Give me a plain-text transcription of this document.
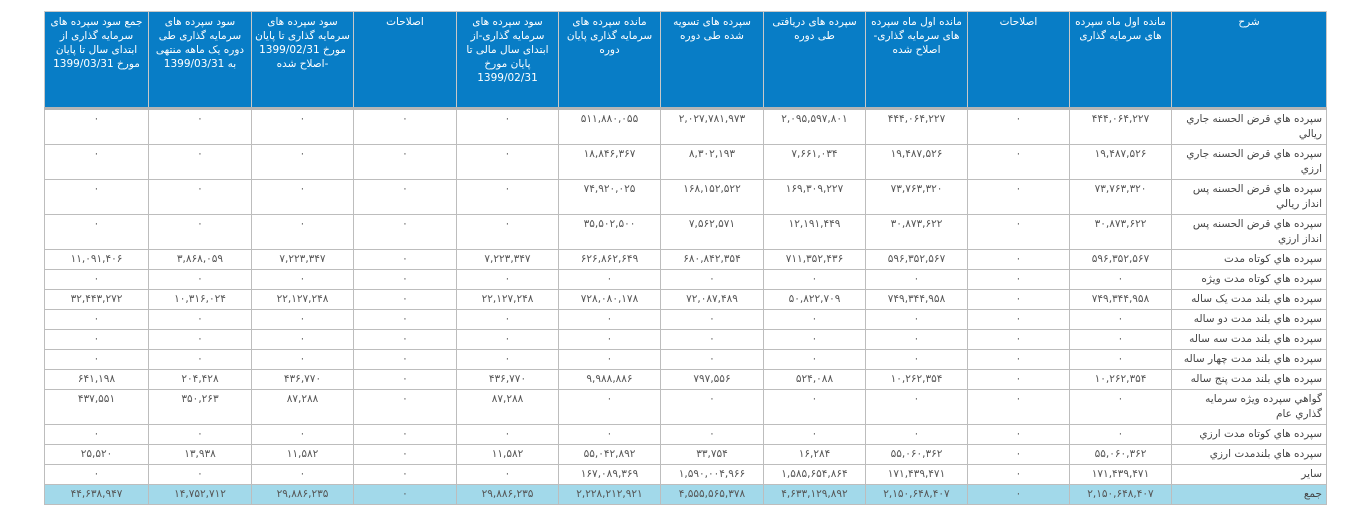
شرح	مانده اول ماه سپرده های سرمایه گذاری	اصلاحات	مانده اول ماه سپرده های سرمایه گذاری-اصلاح شده	سپرده های دریافتی طی دوره	سپرده های تسویه شده طی دوره	مانده سپرده های سرمایه گذاری پایان دوره	سود سپرده های سرمایه گذاری-از ابتدای سال مالی تا پایان مورخ 1399/02/31	اصلاحات	سود سپرده های سرمایه گذاری تا پایان مورخ 1399/02/31 -اصلاح شده	سود سپرده های سرمایه گذاری طی دوره یک ماهه منتهی به 1399/03/31	جمع سود سپرده های سرمایه گذاری از ابتدای سال تا پایان مورخ 1399/03/31
سپرده هاي قرض الحسنه جاري ريالي	۴۴۴,۰۶۴,۲۲۷	۰	۴۴۴,۰۶۴,۲۲۷	۲,۰۹۵,۵۹۷,۸۰۱	۲,۰۲۷,۷۸۱,۹۷۳	۵۱۱,۸۸۰,۰۵۵	۰	۰	۰	۰	۰
سپرده هاي قرض الحسنه جاري ارزي	۱۹,۴۸۷,۵۲۶	۰	۱۹,۴۸۷,۵۲۶	۷,۶۶۱,۰۳۴	۸,۳۰۲,۱۹۳	۱۸,۸۴۶,۳۶۷	۰	۰	۰	۰	۰
سپرده هاي قرض الحسنه پس انداز ريالي	۷۳,۷۶۳,۳۲۰	۰	۷۳,۷۶۳,۳۲۰	۱۶۹,۳۰۹,۲۲۷	۱۶۸,۱۵۲,۵۲۲	۷۴,۹۲۰,۰۲۵	۰	۰	۰	۰	۰
سپرده هاي قرض الحسنه پس انداز ارزي	۳۰,۸۷۳,۶۲۲	۰	۳۰,۸۷۳,۶۲۲	۱۲,۱۹۱,۴۴۹	۷,۵۶۲,۵۷۱	۳۵,۵۰۲,۵۰۰	۰	۰	۰	۰	۰
سپرده هاي كوتاه مدت	۵۹۶,۳۵۲,۵۶۷	۰	۵۹۶,۳۵۲,۵۶۷	۷۱۱,۳۵۲,۴۳۶	۶۸۰,۸۴۲,۳۵۴	۶۲۶,۸۶۲,۶۴۹	۷,۲۲۳,۳۴۷	۰	۷,۲۲۳,۳۴۷	۳,۸۶۸,۰۵۹	۱۱,۰۹۱,۴۰۶
سپرده هاي كوتاه مدت ويژه	۰	۰	۰	۰	۰	۰	۰	۰	۰	۰	۰
سپرده هاي بلند مدت يک ساله	۷۴۹,۳۴۴,۹۵۸	۰	۷۴۹,۳۴۴,۹۵۸	۵۰,۸۲۲,۷۰۹	۷۲,۰۸۷,۴۸۹	۷۲۸,۰۸۰,۱۷۸	۲۲,۱۲۷,۲۴۸	۰	۲۲,۱۲۷,۲۴۸	۱۰,۳۱۶,۰۲۴	۳۲,۴۴۳,۲۷۲
سپرده هاي بلند مدت دو ساله	۰	۰	۰	۰	۰	۰	۰	۰	۰	۰	۰
سپرده هاي بلند مدت سه ساله	۰	۰	۰	۰	۰	۰	۰	۰	۰	۰	۰
سپرده هاي بلند مدت چهار ساله	۰	۰	۰	۰	۰	۰	۰	۰	۰	۰	۰
سپرده هاي بلند مدت پنج ساله	۱۰,۲۶۲,۳۵۴	۰	۱۰,۲۶۲,۳۵۴	۵۲۴,۰۸۸	۷۹۷,۵۵۶	۹,۹۸۸,۸۸۶	۴۳۶,۷۷۰	۰	۴۳۶,۷۷۰	۲۰۴,۴۲۸	۶۴۱,۱۹۸
گواهي سپرده ويژه سرمايه گذاري عام	۰	۰	۰	۰	۰	۰	۸۷,۲۸۸	۰	۸۷,۲۸۸	۳۵۰,۲۶۳	۴۳۷,۵۵۱
سپرده هاي كوتاه مدت ارزي	۰	۰	۰	۰	۰	۰	۰	۰	۰	۰	۰
سپرده هاي بلندمدت ارزي	۵۵,۰۶۰,۳۶۲	۰	۵۵,۰۶۰,۳۶۲	۱۶,۲۸۴	۳۳,۷۵۴	۵۵,۰۴۲,۸۹۲	۱۱,۵۸۲	۰	۱۱,۵۸۲	۱۳,۹۳۸	۲۵,۵۲۰
ساير	۱۷۱,۴۳۹,۴۷۱	۰	۱۷۱,۴۳۹,۴۷۱	۱,۵۸۵,۶۵۴,۸۶۴	۱,۵۹۰,۰۰۴,۹۶۶	۱۶۷,۰۸۹,۳۶۹	۰	۰	۰	۰	۰
جمع	۲,۱۵۰,۶۴۸,۴۰۷	۰	۲,۱۵۰,۶۴۸,۴۰۷	۴,۶۳۳,۱۲۹,۸۹۲	۴,۵۵۵,۵۶۵,۳۷۸	۲,۲۲۸,۲۱۲,۹۲۱	۲۹,۸۸۶,۲۳۵	۰	۲۹,۸۸۶,۲۳۵	۱۴,۷۵۲,۷۱۲	۴۴,۶۳۸,۹۴۷
